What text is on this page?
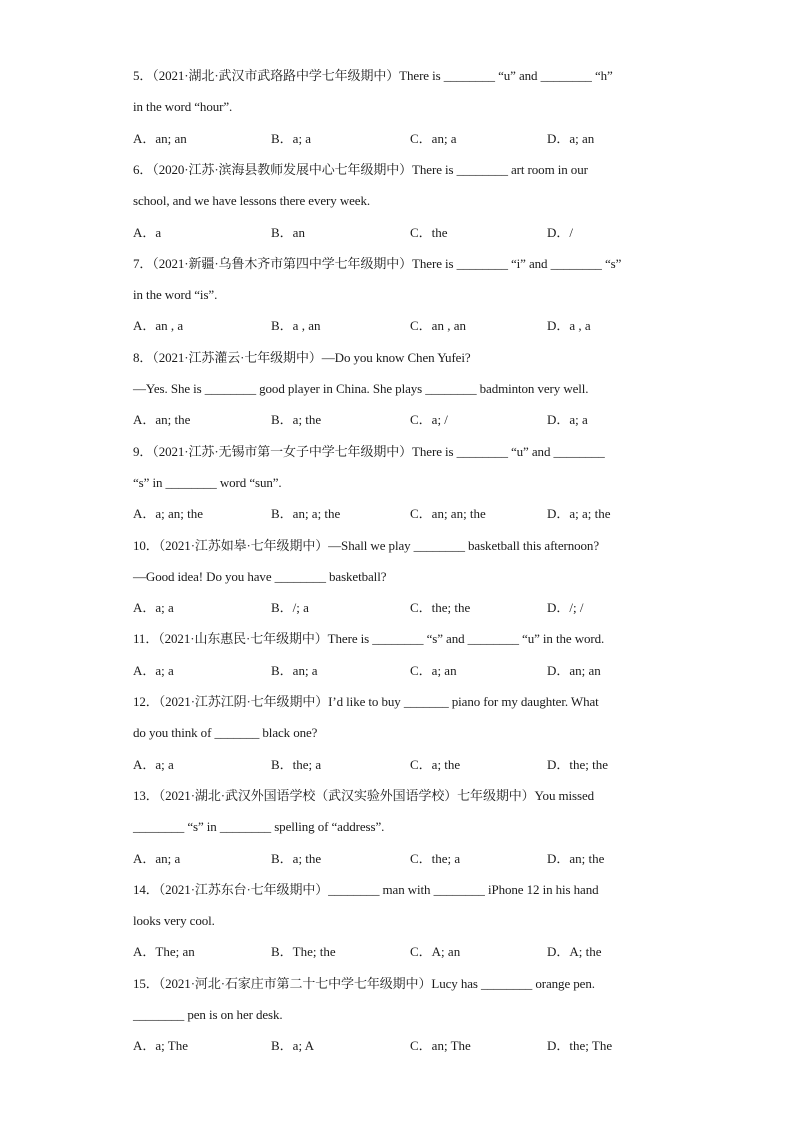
5．（2021·湖北·武汉市武珞路中学七年级期中）There is ________ “u” and ________ “h”
in the word “hour”.
A．an; an	B．a; a	C．an; a	D．a; an
6．（2020·江苏·滨海县教师发展中心七年级期中）There is ________ art room in our
school, and we have lessons there every week.
A．a	B．an	C．the	D．/
7．（2021·新疆·乌鲁木齐市第四中学七年级期中）There is ________ “i” and ________ “s”
in the word “is”.
A．an , a	B．a , an	C．an , an	D．a , a
8．（2021·江苏灌云·七年级期中）—Do you know Chen Yufei?
—Yes. She is ________ good player in China. She plays ________ badminton very well.
A．an; the	B．a; the	C．a; /	D．a; a
9．（2021·江苏·无锡市第一女子中学七年级期中）There is ________ “u” and ________
“s” in ________ word “sun”.
A．a; an; the	B．an; a; the	C．an; an; the	D．a; a; the
10．（2021·江苏如皋·七年级期中）—Shall we play ________ basketball this afternoon?
—Good idea! Do you have ________ basketball?
A．a; a	B．/; a	C．the; the	D．/; /
11．（2021·山东惠民·七年级期中）There is ________ “s” and ________ “u” in the word.
A．a; a	B．an; a	C．a; an	D．an; an
12．（2021·江苏江阴·七年级期中）I’d like to buy _______ piano for my daughter. What
do you think of _______ black one?
A．a; a	B．the; a	C．a; the	D．the; the
13．（2021·湖北·武汉外国语学校（武汉实验外国语学校）七年级期中）You missed
________ “s” in ________ spelling of “address”.
A．an; a	B．a; the	C．the; a	D．an; the
14．（2021·江苏东台·七年级期中）________ man with ________ iPhone 12 in his hand
looks very cool.
A．The; an	B．The; the	C．A; an	D．A; the
15．（2021·河北·石家庄市第二十七中学七年级期中）Lucy has ________ orange pen.
________ pen is on her desk.
A．a; The	B．a; A	C．an; The	D．the; The
